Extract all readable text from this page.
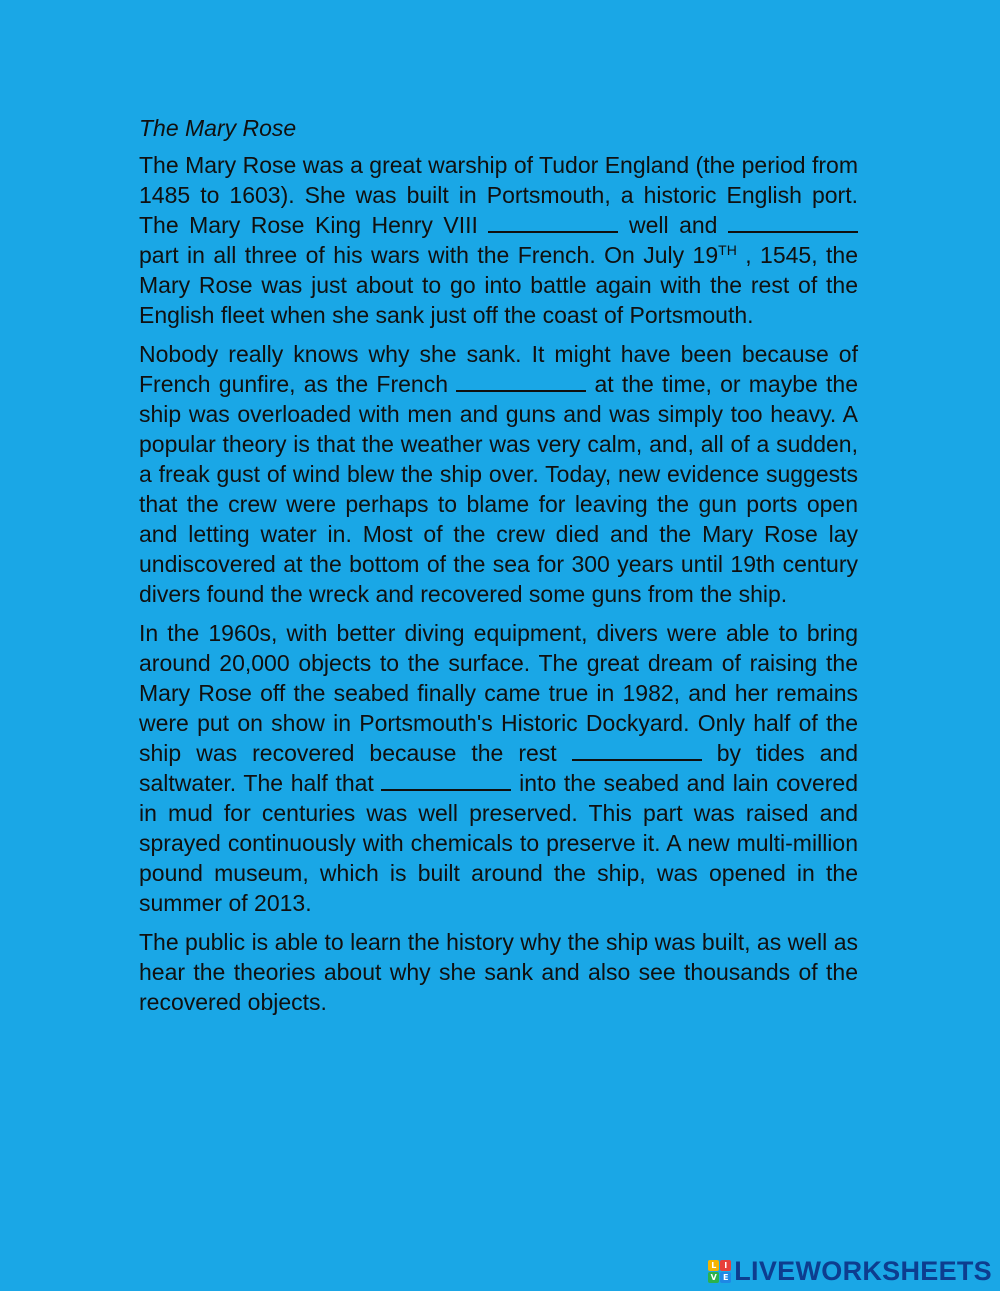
The Mary Rose
The Mary Rose was a great warship of Tudor England (the period from 1485 to 1603). She was built in Portsmouth, a historic English port. The Mary Rose King Henry VIII	well and  part in all three of his wars with the French. On July 19TH , 1545, the Mary Rose was just about to go into battle again with the rest of the English fleet when she sank just off the coast of Portsmouth.
Nobody really knows why she sank. It might have been because of French gunfire, as the French	at the time, or maybe the ship was overloaded with men and guns and was simply too heavy. A popular theory is that the weather was very calm, and, all of a sudden, a freak gust of wind blew the ship over. Today, new evidence suggests that the crew were perhaps to blame for leaving the gun ports open and letting water in. Most of the crew died and the Mary Rose lay undiscovered at the bottom of the sea for 300 years until 19th century divers found the wreck and recovered some guns from the ship.
In the 1960s, with better diving equipment, divers were able to bring around 20,000 objects to the surface. The great dream of raising the Mary Rose off the seabed finally came true in 1982, and her remains were put on show in Portsmouth's Historic Dockyard. Only half of the ship was recovered because the rest	by tides and saltwater. The half that	into the seabed and lain covered in mud for centuries was well preserved. This part was raised and sprayed continuously with chemicals to preserve it. A new multi-million pound museum, which is built around the ship, was opened in the summer of 2013.
The public is able to learn the history why the ship was built, as well as hear the theories about why she sank and also see thousands of the recovered objects.
L I
V E LIVEWORKSHEETS
